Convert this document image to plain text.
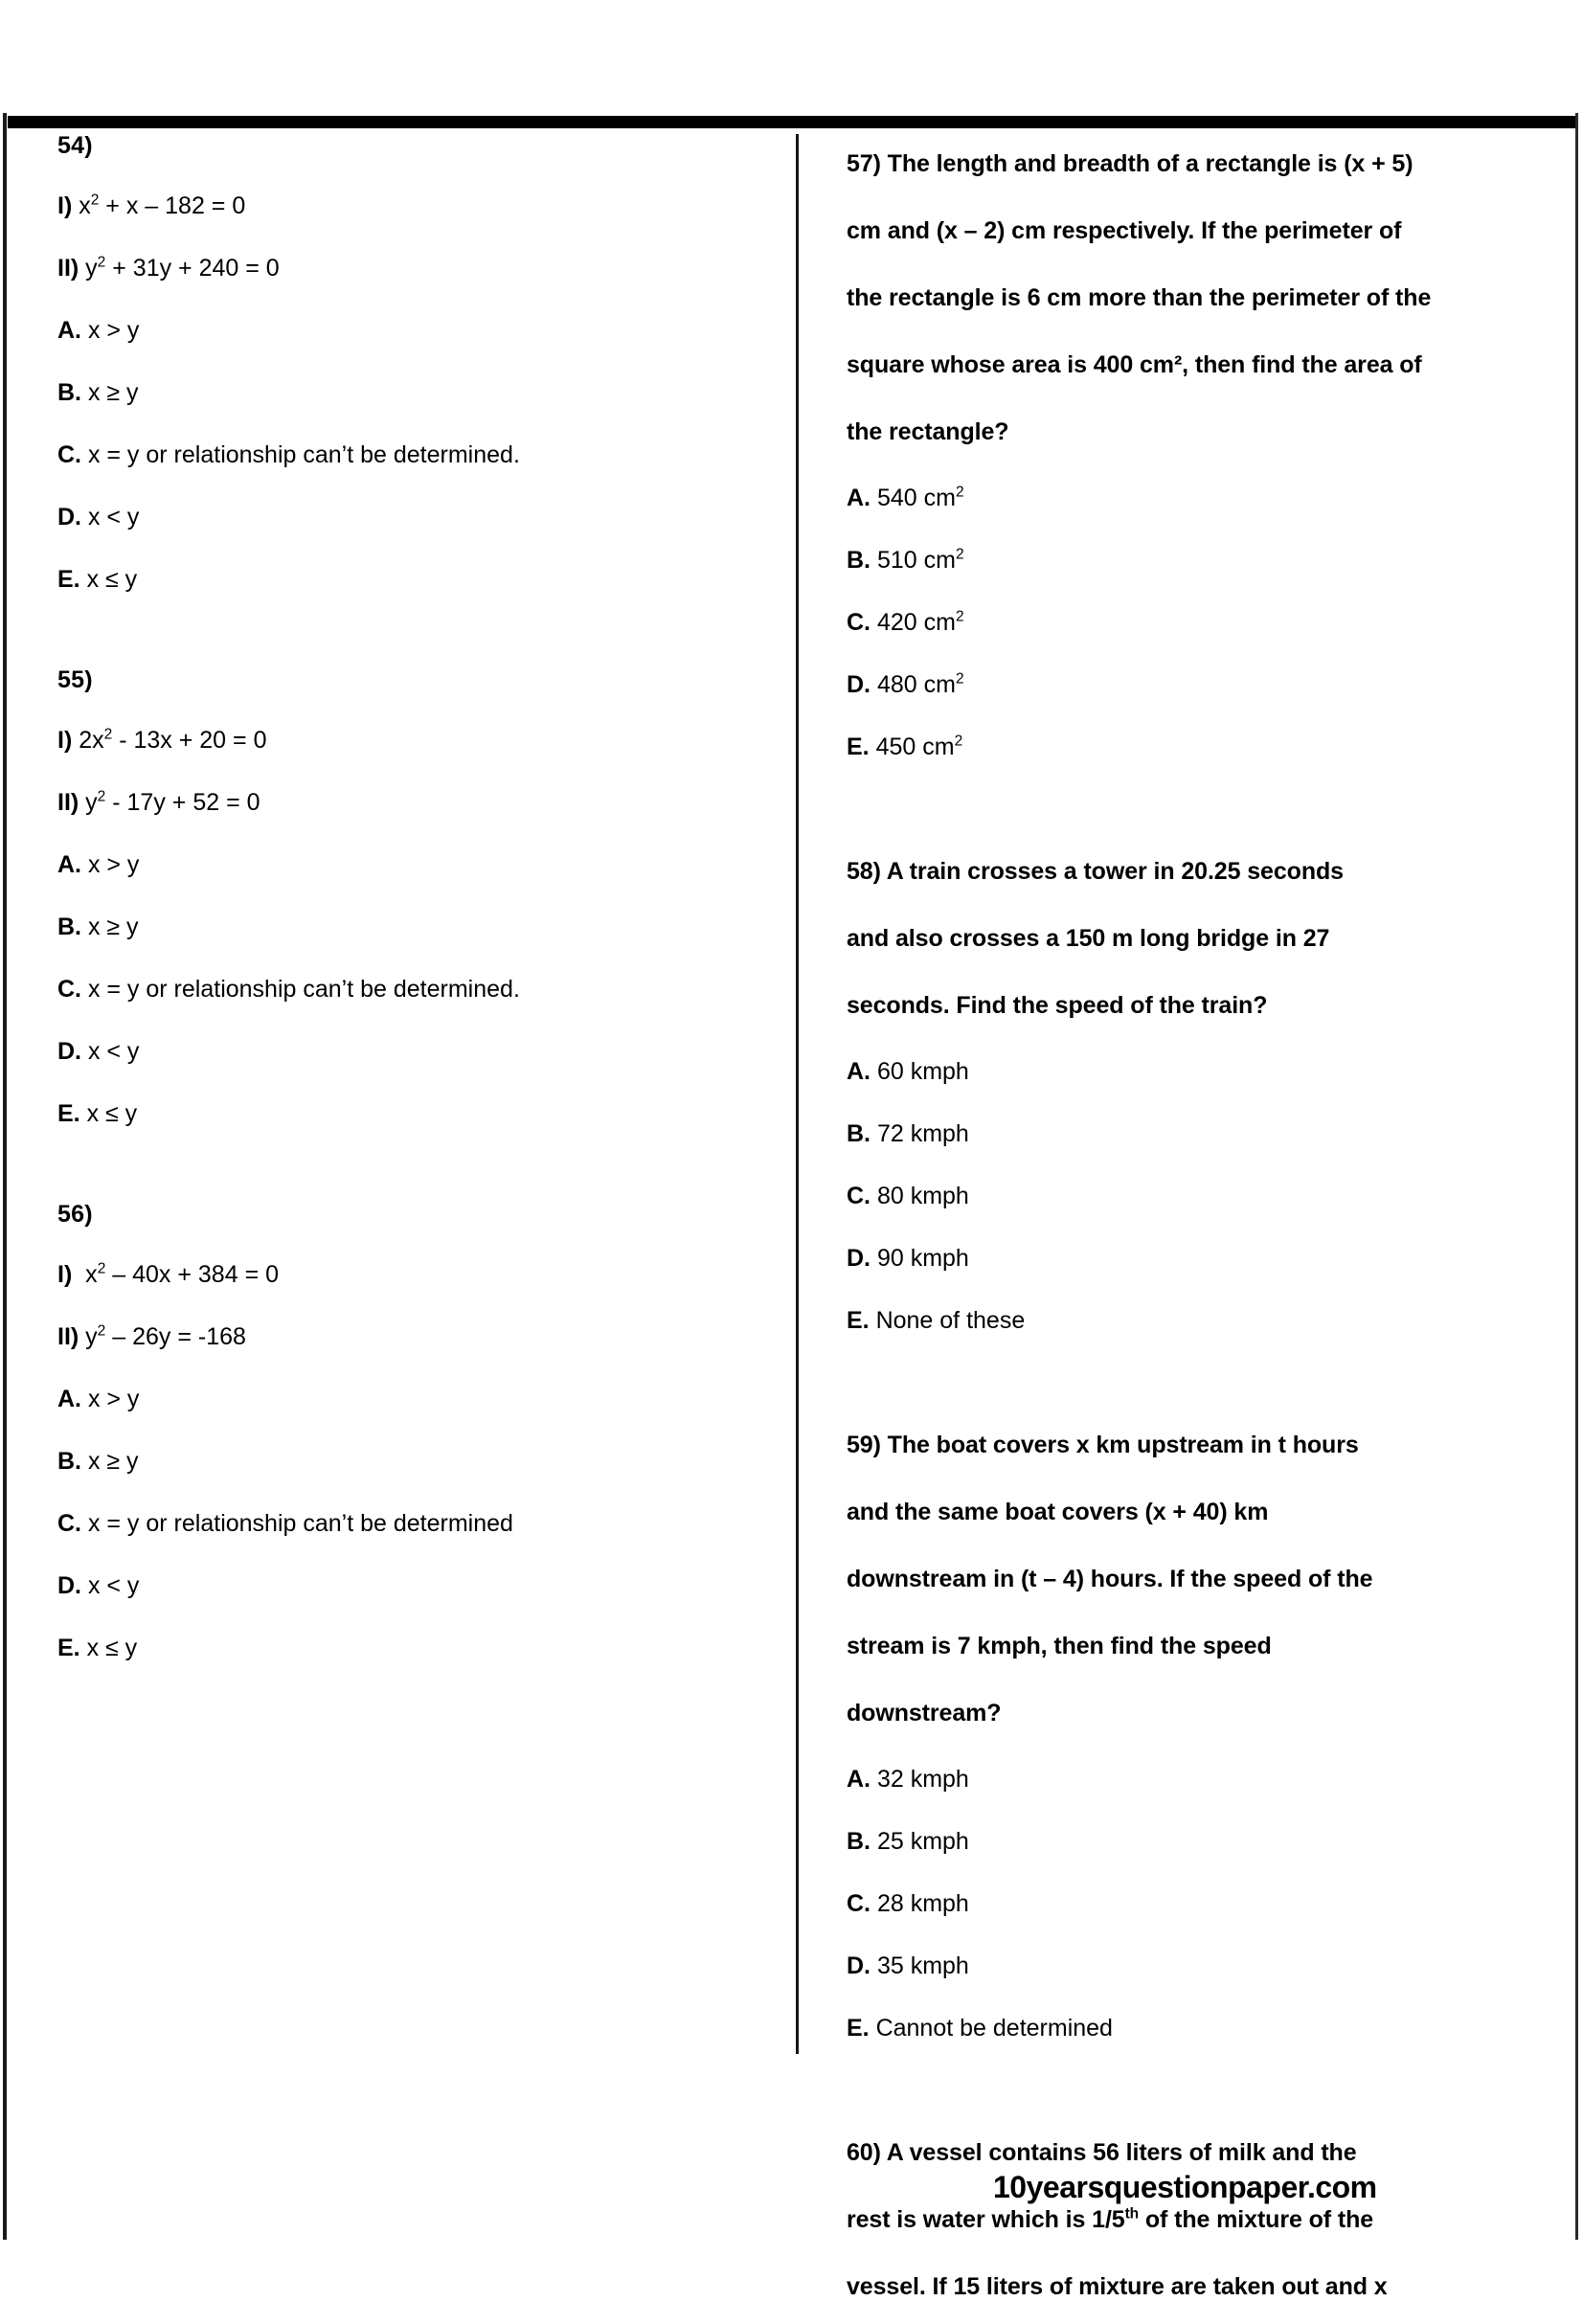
54)
I) $x^2 + x - 182 = 0$
II) $y^2 + 31y + 240 = 0$
A. x > y
B. x ≥ y
C. x = y or relationship can’t be determined.
D. x < y
E. x ≤ y
55)
I) $2x^2 - 13x + 20 = 0$
II) $y^2 - 17y + 52 = 0$
A. x > y
B. x ≥ y
C. x = y or relationship can’t be determined.
D. x < y
E. x ≤ y
56)
I)  $x^2 - 40x + 384 = 0$
II) $y^2 - 26y = -168$
A. x > y
B. x ≥ y
C. x = y or relationship can’t be determined
D. x < y
E. x ≤ y
57) The length and breadth of a rectangle is (x + 5)
cm and (x – 2) cm respectively. If the perimeter of
the rectangle is 6 cm more than the perimeter of the
square whose area is 400 cm², then find the area of
the rectangle?
A. 540 $cm^2$
B. 510 $cm^2$
C. 420 $cm^2$
D. 480 $cm^2$
E. 450 $cm^2$
58) A train crosses a tower in 20.25 seconds
and also crosses a 150 m long bridge in 27
seconds. Find the speed of the train?
A. 60 kmph
B. 72 kmph
C. 80 kmph
D. 90 kmph
E. None of these
59) The boat covers x km upstream in t hours
and the same boat covers (x + 40) km
downstream in (t – 4) hours. If the speed of the
stream is 7 kmph, then find the speed
downstream?
A. 32 kmph
B. 25 kmph
C. 28 kmph
D. 35 kmph
E. Cannot be determined
60) A vessel contains 56 liters of milk and the
rest is water which is 1/5th of the mixture of the
vessel. If 15 liters of mixture are taken out and x
10yearsquestionpaper.com
